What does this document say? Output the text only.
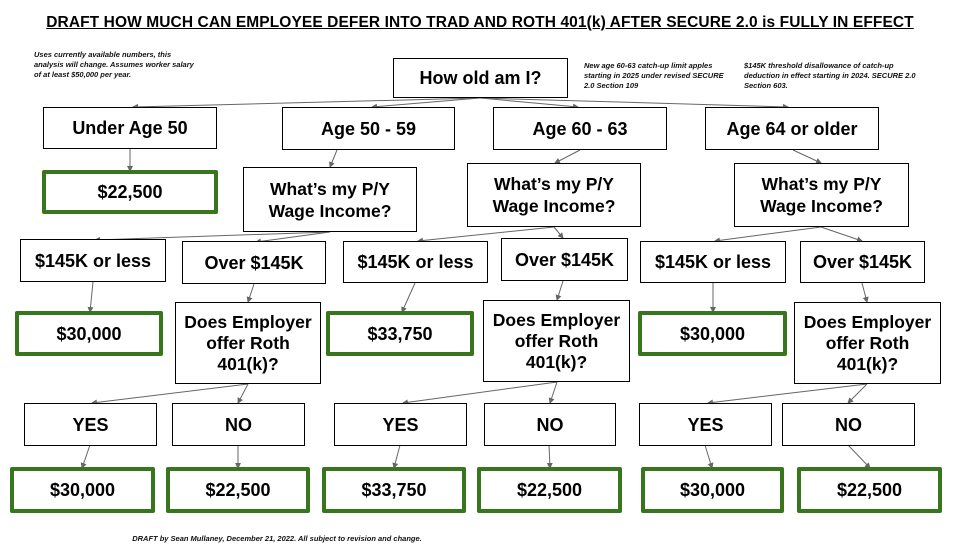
DRAFT HOW MUCH CAN EMPLOYEE DEFER INTO TRAD AND ROTH 401(k) AFTER SECURE 2.0 is FULLY IN EFFECT
Uses currently available numbers, this analysis will change. Assumes worker salary of at least $50,000 per year.
New age 60-63 catch-up limit apples starting in 2025 under revised SECURE 2.0 Section 109
$145K threshold disallowance of catch-up deduction in effect starting in 2024. SECURE 2.0 Section 603.
How old am I?
Under Age 50	Age 50 - 59	Age 60 - 63	Age 64 or older
$22,500	What’s my P/Y Wage Income?
What’s my P/Y Wage Income?
What’s my P/Y Wage Income?
$145K or less	Over $145K	$145K or less Over $145K $145K or less Over $145K
$30,000
Does Employer offer Roth 401(k)?
$33,750
Does Employer offer Roth 401(k)?
$30,000
Does Employer offer Roth 401(k)?
YES	NO	YES	NO	YES	NO
$30,000	$22,500	$33,750	$22,500	$30,000	$22,500
DRAFT by Sean Mullaney, December 21, 2022. All subject to revision and change.
